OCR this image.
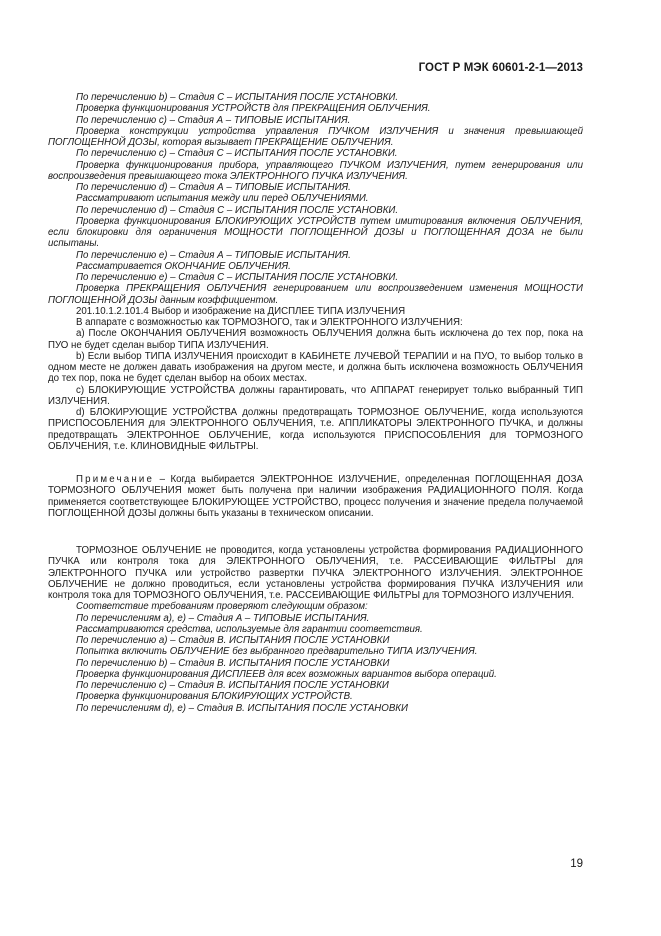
ГОСТ Р МЭК 60601-2-1—2013

По перечислению b) – Стадия С – ИСПЫТАНИЯ ПОСЛЕ УСТАНОВКИ.

Проверка функционирования УСТРОЙСТВ для ПРЕКРАЩЕНИЯ ОБЛУЧЕНИЯ.

По перечислению c) – Стадия А – ТИПОВЫЕ ИСПЫТАНИЯ.

Проверка конструкции устройства управления ПУЧКОМ ИЗЛУЧЕНИЯ и значения превышающей ПОГЛОЩЕННОЙ ДОЗЫ, которая вызывает ПРЕКРАЩЕНИЕ ОБЛУЧЕНИЯ.

По перечислению c) – Стадия С – ИСПЫТАНИЯ ПОСЛЕ УСТАНОВКИ.

Проверка функционирования прибора, управляющего ПУЧКОМ ИЗЛУЧЕНИЯ, путем генерирования или воспроизведения превышающего тока ЭЛЕКТРОННОГО ПУЧКА ИЗЛУЧЕНИЯ.

По перечислению d) – Стадия А – ТИПОВЫЕ ИСПЫТАНИЯ.

Рассматривают испытания между или перед ОБЛУЧЕНИЯМИ.

По перечислению d) – Стадия С – ИСПЫТАНИЯ ПОСЛЕ УСТАНОВКИ.

Проверка функционирования БЛОКИРУЮЩИХ УСТРОЙСТВ путем имитирования включения ОБЛУЧЕНИЯ, если блокировки для ограничения МОЩНОСТИ ПОГЛОЩЕННОЙ ДОЗЫ и ПОГЛОЩЕННАЯ ДОЗА не были испытаны.

По перечислению e) – Стадия А – ТИПОВЫЕ ИСПЫТАНИЯ.

Рассматривается ОКОНЧАНИЕ ОБЛУЧЕНИЯ.

По перечислению e) – Стадия С – ИСПЫТАНИЯ ПОСЛЕ УСТАНОВКИ.

Проверка ПРЕКРАЩЕНИЯ ОБЛУЧЕНИЯ генерированием или воспроизведением изменения МОЩНОСТИ ПОГЛОЩЕННОЙ ДОЗЫ данным коэффициентом.

201.10.1.2.101.4 Выбор и изображение на ДИСПЛЕЕ ТИПА ИЗЛУЧЕНИЯ

В аппарате с возможностью как ТОРМОЗНОГО, так и ЭЛЕКТРОННОГО ИЗЛУЧЕНИЯ:

a) После ОКОНЧАНИЯ ОБЛУЧЕНИЯ возможность ОБЛУЧЕНИЯ должна быть исключена до тех пор, пока на ПУО не будет сделан выбор ТИПА ИЗЛУЧЕНИЯ.

b) Если выбор ТИПА ИЗЛУЧЕНИЯ происходит в КАБИНЕТЕ ЛУЧЕВОЙ ТЕРАПИИ и на ПУО, то выбор только в одном месте не должен давать изображения на другом месте, и должна быть исключена возможность ОБЛУЧЕНИЯ до тех пор, пока не будет сделан выбор на обоих местах.

c) БЛОКИРУЮЩИЕ УСТРОЙСТВА должны гарантировать, что АППАРАТ генерирует только выбранный ТИП ИЗЛУЧЕНИЯ.

d) БЛОКИРУЮЩИЕ УСТРОЙСТВА должны предотвращать ТОРМОЗНОЕ ОБЛУЧЕНИЕ, когда используются ПРИСПОСОБЛЕНИЯ для ЭЛЕКТРОННОГО ОБЛУЧЕНИЯ, т.е. АППЛИКАТОРЫ ЭЛЕКТРОННОГО ПУЧКА, и должны предотвращать ЭЛЕКТРОННОЕ ОБЛУЧЕНИЕ, когда используются ПРИСПОСОБЛЕНИЯ для ТОРМОЗНОГО ОБЛУЧЕНИЯ, т.е. КЛИНОВИДНЫЕ ФИЛЬТРЫ.

Примечание – Когда выбирается ЭЛЕКТРОННОЕ ИЗЛУЧЕНИЕ, определенная ПОГЛОЩЕННАЯ ДОЗА ТОРМОЗНОГО ОБЛУЧЕНИЯ может быть получена при наличии изображения РАДИАЦИОННОГО ПОЛЯ. Когда применяется соответствующее БЛОКИРУЮЩЕЕ УСТРОЙСТВО, процесс получения и значение предела получаемой ПОГЛОЩЕННОЙ ДОЗЫ должны быть указаны в техническом описании.

ТОРМОЗНОЕ ОБЛУЧЕНИЕ не проводится, когда установлены устройства формирования РАДИАЦИОННОГО ПУЧКА или контроля тока для ЭЛЕКТРОННОГО ОБЛУЧЕНИЯ, т.е. РАССЕИВАЮЩИЕ ФИЛЬТРЫ для ЭЛЕКТРОННОГО ПУЧКА или устройство развертки ПУЧКА ЭЛЕКТРОННОГО ИЗЛУЧЕНИЯ. ЭЛЕКТРОННОЕ ОБЛУЧЕНИЕ не должно проводиться, если установлены устройства формирования ПУЧКА ИЗЛУЧЕНИЯ или контроля тока для ТОРМОЗНОГО ОБЛУЧЕНИЯ, т.е. РАССЕИВАЮЩИЕ ФИЛЬТРЫ для ТОРМОЗНОГО ИЗЛУЧЕНИЯ.

Соответствие требованиям проверяют следующим образом:

По перечислениям a), e) – Стадия А – ТИПОВЫЕ ИСПЫТАНИЯ.

Рассматриваются средства, используемые для гарантии соответствия.

По перечислению a) – Стадия В. ИСПЫТАНИЯ ПОСЛЕ УСТАНОВКИ

Попытка включить ОБЛУЧЕНИЕ без выбранного предварительно ТИПА ИЗЛУЧЕНИЯ.

По перечислению b) – Стадия В. ИСПЫТАНИЯ ПОСЛЕ УСТАНОВКИ

Проверка функционирования ДИСПЛЕЕВ для всех возможных вариантов выбора операций.

По перечислению c) – Стадия В. ИСПЫТАНИЯ ПОСЛЕ УСТАНОВКИ

Проверка функционирования БЛОКИРУЮЩИХ УСТРОЙСТВ.

По перечислениям d), e) – Стадия В. ИСПЫТАНИЯ ПОСЛЕ УСТАНОВКИ

19
